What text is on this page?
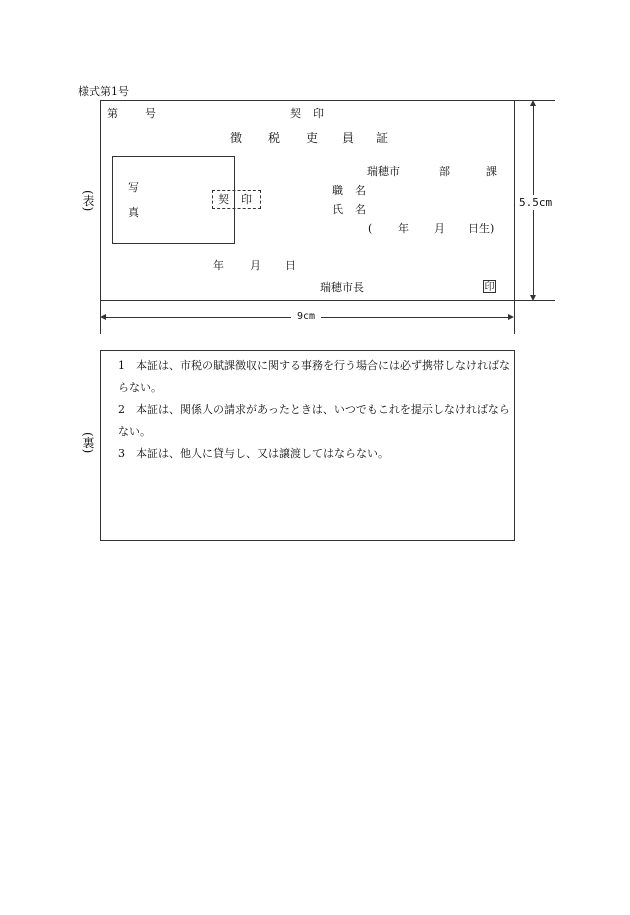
様式第1号
(表)
第 号	契 印
徴 税 吏 員 証
写
真
契 印
瑞穂市	部	課
職 名
氏 名
( 年 月 日生)
年 月 日
瑞穂市長	印
5.5cm
9cm
(裏)
1 本証は、市税の賦課徴収に関する事務を行う場合には必ず携帯しなければならない。
2 本証は、関係人の請求があったときは、いつでもこれを提示しなければならない。
3 本証は、他人に貸与し、又は譲渡してはならない。
